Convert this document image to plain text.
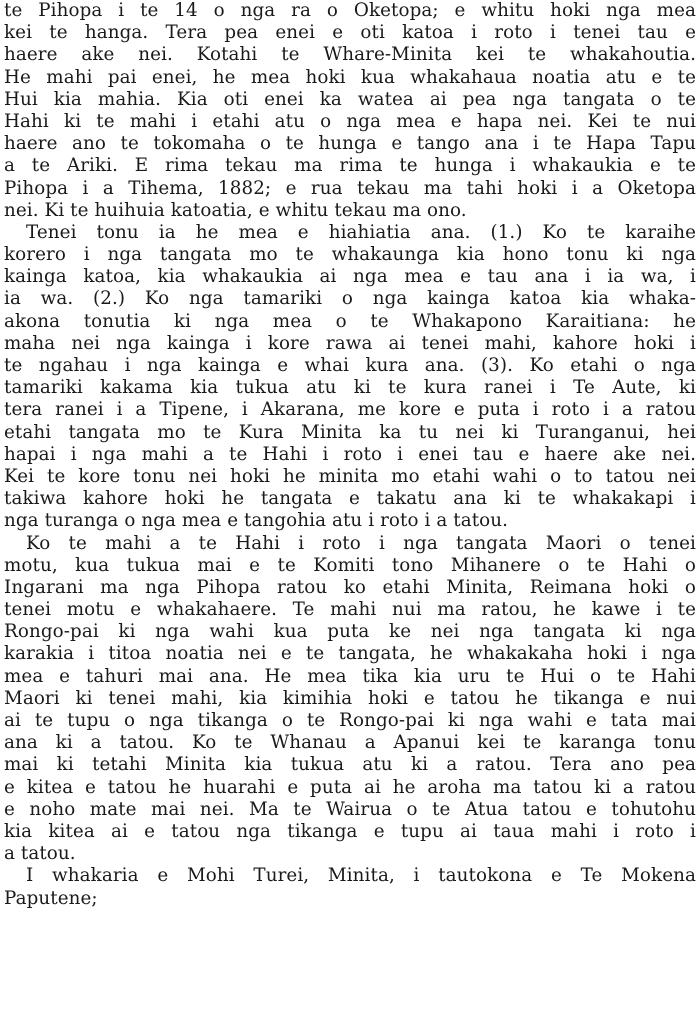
te Pihopa i te 14 o nga ra o Oketopa; e whitu hoki nga mea
kei te hanga. Tera pea enei e oti katoa i roto i tenei tau e
haere ake nei. Kotahi te Whare-Minita kei te whakahoutia.
He mahi pai enei, he mea hoki kua whakahaua noatia atu e te
Hui kia mahia. Kia oti enei ka watea ai pea nga tangata o te
Hahi ki te mahi i etahi atu o nga mea e hapa nei. Kei te nui
haere ano te tokomaha o te hunga e tango ana i te Hapa Tapu
a te Ariki. E rima tekau ma rima te hunga i whakaukia e te
Pihopa i a Tihema, 1882; e rua tekau ma tahi hoki i a Oketopa
nei. Ki te huihuia katoatia, e whitu tekau ma ono.
Tenei tonu ia he mea e hiahiatia ana. (1.) Ko te karaihe
korero i nga tangata mo te whakaunga kia hono tonu ki nga
kainga katoa, kia whakaukia ai nga mea e tau ana i ia wa, i
ia wa. (2.) Ko nga tamariki o nga kainga katoa kia whaka-
akona tonutia ki nga mea o te Whakapono Karaitiana: he
maha nei nga kainga i kore rawa ai tenei mahi, kahore hoki i
te ngahau i nga kainga e whai kura ana. (3). Ko etahi o nga
tamariki kakama kia tukua atu ki te kura ranei i Te Aute, ki
tera ranei i a Tipene, i Akarana, me kore e puta i roto i a ratou
etahi tangata mo te Kura Minita ka tu nei ki Turanganui, hei
hapai i nga mahi a te Hahi i roto i enei tau e haere ake nei.
Kei te kore tonu nei hoki he minita mo etahi wahi o to tatou nei
takiwa kahore hoki he tangata e takatu ana ki te whakakapi i
nga turanga o nga mea e tangohia atu i roto i a tatou.
Ko te mahi a te Hahi i roto i nga tangata Maori o tenei
motu, kua tukua mai e te Komiti tono Mihanere o te Hahi o
Ingarani ma nga Pihopa ratou ko etahi Minita, Reimana hoki o
tenei motu e whakahaere. Te mahi nui ma ratou, he kawe i te
Rongo-pai ki nga wahi kua puta ke nei nga tangata ki nga
karakia i titoa noatia nei e te tangata, he whakakaha hoki i nga
mea e tahuri mai ana. He mea tika kia uru te Hui o te Hahi
Maori ki tenei mahi, kia kimihia hoki e tatou he tikanga e nui
ai te tupu o nga tikanga o te Rongo-pai ki nga wahi e tata mai
ana ki a tatou. Ko te Whanau a Apanui kei te karanga tonu
mai ki tetahi Minita kia tukua atu ki a ratou. Tera ano pea
e kitea e tatou he huarahi e puta ai he aroha ma tatou ki a ratou
e noho mate mai nei. Ma te Wairua o te Atua tatou e tohutohu
kia kitea ai e tatou nga tikanga e tupu ai taua mahi i roto i
a tatou.
I whakaria e Mohi Turei, Minita, i tautokona e Te Mokena
Paputene;
